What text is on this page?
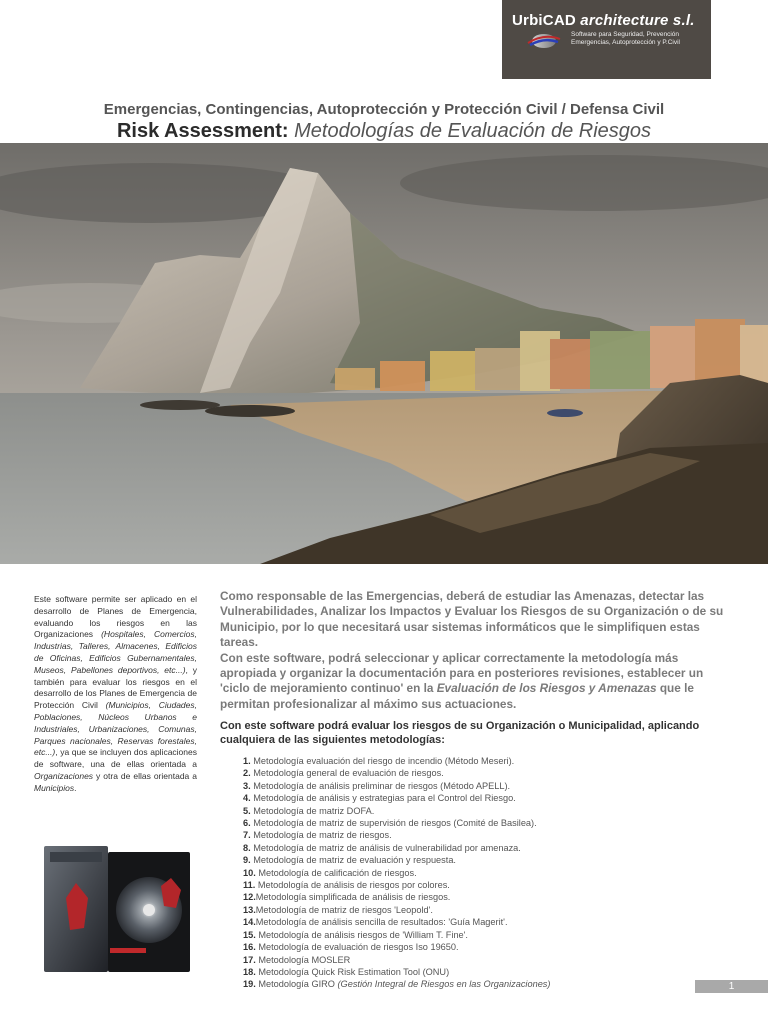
UrbiCAD architecture s.l.
Software para Seguridad, Prevención
Emergencias, Autoprotección y P.Civil
Emergencias, Contingencias, Autoprotección y Protección Civil / Defensa Civil
Risk Assessment: Metodologías de Evaluación de Riesgos
Este software permite ser aplicado en el desarrollo de Planes de Emergencia, evaluando los riesgos en las Organizaciones (Hospitales, Comercios, Industrias, Talleres, Almacenes, Edificios de Oficinas, Edificios Gubernamentales, Museos, Pabellones deportivos, etc...), y también para evaluar los riesgos en el desarrollo de los Planes de Emergencia de Protección Civil (Municipios, Ciudades, Poblaciones, Núcleos Urbanos e Industriales, Urbanizaciones, Comunas, Parques nacionales, Reservas forestales, etc...), ya que se incluyen dos aplicaciones de software, una de ellas orientada a Organizaciones y otra de ellas orientada a Municipios.

Como responsable de las Emergencias, deberá de estudiar las Amenazas, detectar las Vulnerabilidades, Analizar los Impactos y Evaluar los Riesgos de su Organización o de su Municipio, por lo que necesitará usar sistemas informáticos que le simplifiquen estas tareas.

Con este software, podrá seleccionar y aplicar correctamente la metodología más apropiada y organizar la documentación para en posteriores revisiones, establecer un 'ciclo de mejoramiento continuo' en la Evaluación de los Riesgos y Amenazas que le permitan profesionalizar al máximo sus actuaciones.

Con este software podrá evaluar los riesgos de su Organización o Municipalidad, aplicando cualquiera de las siguientes metodologías:
1. Metodología evaluación del riesgo de incendio (Método Meseri).
2. Metodología general de evaluación de riesgos.
3. Metodología de análisis preliminar de riesgos (Método APELL).
4. Metodología de análisis y estrategias para el Control del Riesgo.
5. Metodología de matriz DOFA.
6. Metodología de matriz de supervisión de riesgos (Comité de Basilea).
7. Metodología de matriz de riesgos.
8. Metodología de matriz de análisis de vulnerabilidad por amenaza.
9. Metodología de matriz de evaluación y respuesta.
10. Metodología de calificación de riesgos.
11. Metodología de análisis de riesgos por colores.
12.Metodología simplificada de análisis de riesgos.
13.Metodología de matriz de riesgos 'Leopold'.
14.Metodología de análisis sencilla de resultados: 'Guía Magerit'.
15. Metodología de análisis riesgos de 'William T. Fine'.
16. Metodología de evaluación de riesgos Iso 19650.
17. Metodología MOSLER
18. Metodología Quick Risk Estimation Tool (ONU)
19. Metodología GIRO (Gestión Integral de Riesgos en las Organizaciones)	1
